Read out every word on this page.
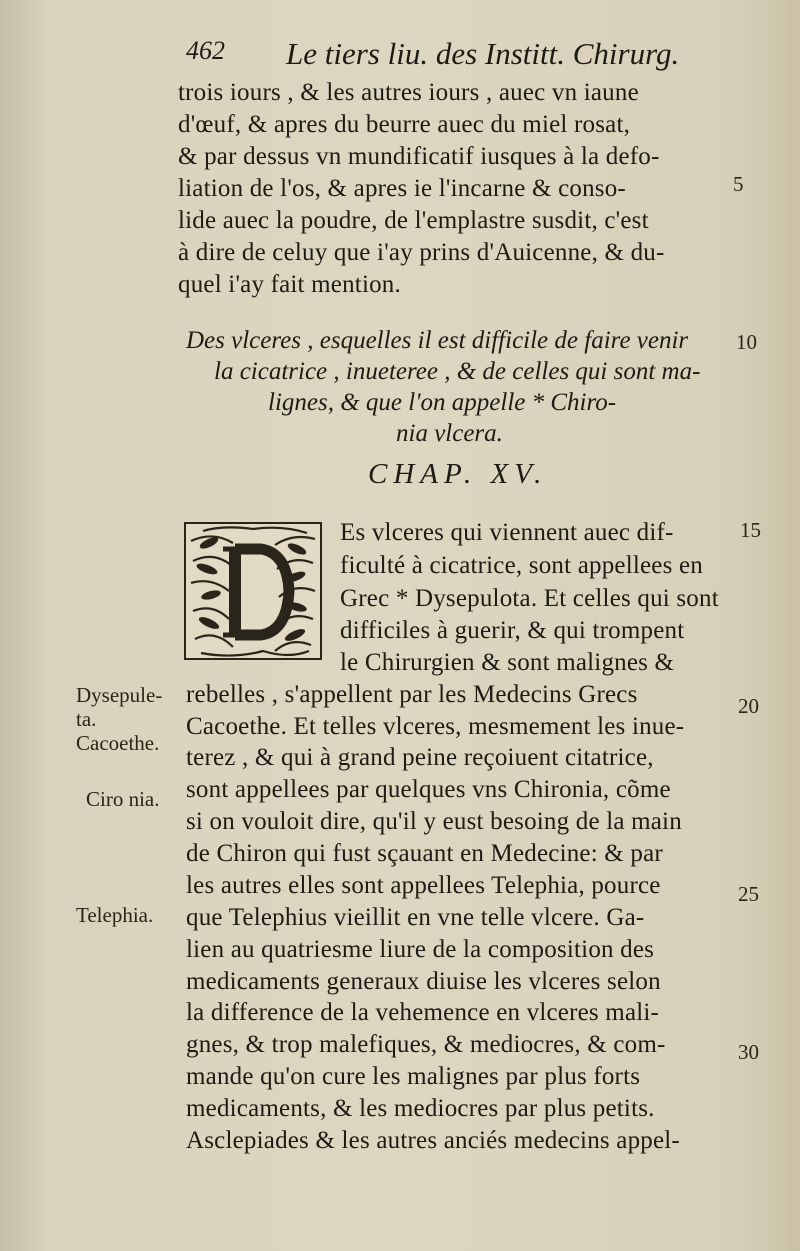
462 Le tiers liu. des Institt. Chirurg.
trois iours , & les autres iours , auec vn iaune
d'œuf, & apres du beurre auec du miel rosat,
& par dessus vn mundificatif iusques à la defo-
liation de l'os, & apres ie l'incarne & conso-
lide auec la poudre, de l'emplastre susdit, c'est
à dire de celuy que i'ay prins d'Auicenne, & du-
quel i'ay fait mention.
Des vlceres , esquelles il est difficile de faire venir
la cicatrice , inueteree , & de celles qui sont ma-
lignes, & que l'on appelle * Chiro-
nia vlcera.
CHAP. XV.
Es vlceres qui viennent auec dif-
ficulté à cicatrice, sont appellees en
Grec * Dysepulota. Et celles qui sont
difficiles à guerir, & qui trompent
le Chirurgien & sont malignes &
rebelles , s'appellent par les Medecins Grecs
Cacoethe. Et telles vlceres, mesmement les inue-
terez , & qui à grand peine reçoiuent citatrice,
sont appellees par quelques vns Chironia, cõme
si on vouloit dire, qu'il y eust besoing de la main
de Chiron qui fust sçauant en Medecine: & par
les autres elles sont appellees Telephia, pource
que Telephius vieillit en vne telle vlcere. Ga-
lien au quatriesme liure de la composition des
medicaments generaux diuise les vlceres selon
la difference de la vehemence en vlceres mali-
gnes, & trop malefiques, & mediocres, & com-
mande qu'on cure les malignes par plus forts
medicaments, & les mediocres par plus petits.
Asclepiades & les autres anciés medecins appel-
Dysepule-
ta.
Cacoethe.
Ciro nia.
Telephia.
5
10
15
20
25
30
